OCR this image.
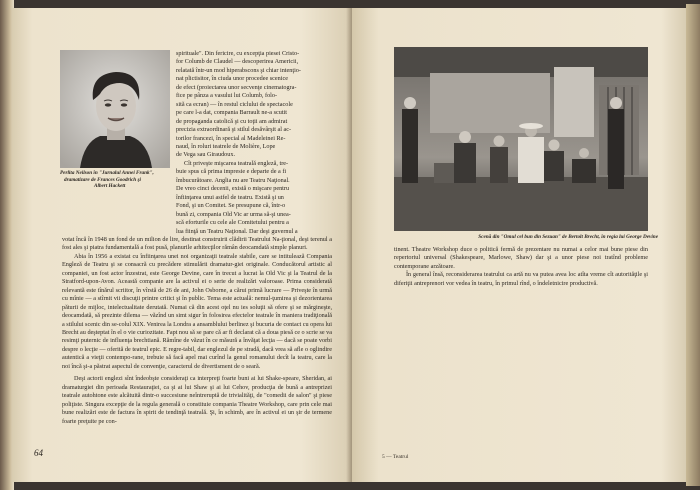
Perlita Neilson în "Jurnalul Annei Frank",
dramatizare de Frances Goodrich şi
Albert Hackett
spirituale". Din fericire, cu excepţia piesei Cristo-
for Columb de Claudel — descoperirea Americii,
relatată într-un mod hiperabscons şi chiar intenţio-
nat plictisitor, în ciuda unor procedee scenice
de efect (proiectarea unor secvenţe cinematogra-
fice pe pânza a vasului lui Columb, folo-
sită ca ecran) — în restul ciclului de spectacole
pe care l-a dat, compania Barrault ne-a scutit
de propaganda catolică şi cu toţii am admirat
precizia extraordinară şi stilul desăvârşit al ac-
torilor francezi, în special al Madeleinei Re-
naud, în roluri teatrele de Molière, Lope
de Vega sau Giraudoux.
Cît priveşte mişcarea teatrală engleză, tre-
buie spus că prima impresie e departe de a fi
îmbucurătoare. Anglia nu are Teatru Naţional.
De vreo cinci decenii, există o mişcare pentru
înfiinţarea unui astfel de teatru. Există şi un
Fond, şi un Comitet. Se presupune că, într-o
bună zi, compania Old Vic ar urma să-şi unea-
scă eforturile cu cele ale Comitetului pentru a
lua fiinţă un Teatru Naţional. Dar deşi guvernul a

votat încă în 1948 un fond de un milion de lire, destinat construirii clădirii Teatrului Na-ţional, deşi terenul a fost ales şi piatra fundamentală a fost pusă, planurile arhitecţilor rămân deocamdată simple planuri.

Abia în 1956 a existat cu înfiinţarea unei noi organizaţii teatrale stabile, care se intitulează Compania Engleză de Teatru şi se consacră cu precădere stimulării dramatur-giei originale. Conducătorul artistic al companiei, un fost actor înzestrat, este George Devine, care în trecut a lucrat la Old Vic şi la Teatrul de la Stratford-upon-Avon. Această companie are la activul ei o serie de realizări valoroase. Prima considerată relevantă este tînărul scriitor, în vîrstă de 26 de ani, John Osborne, a cărui primă lucrare — Priveşte în urmă cu mînie — a stîrnit vii discuţii printre critici şi în public. Tema este actuală: nemul-ţumirea şi dezorientarea păturii de mijloc, intelectualitate derutată. Numai că din acest oţel nu ies soluţii să ofere şi se mărgineşte, deocamdată, să prezinte dilema — văzînd un simt sigur în folosirea efectelor teatrale în maniera tradiţională a stilului scenic din se-colul XIX. Venirea la Londra a ansamblului berlinez şi bucuria de contact cu opera lui Brecht au deşteptat în el o vie curiozitate. Fapt nou să se pare că ar fi declarat că a doua piesă ce o scrie se va resimţi puternic de influenţa brechtiană. Rămîne de văzut în ce măsură a învăţat lecţia — dacă se poate vorbi despre o lecţie — oferită de teatrul epic. E regre-tabil, dar englezul de pe stradă, dacă vrea să afle o oglindire autentică a vieţii contempo-rane, trebuie să facă apel mai curînd la genul romanului decît la teatru, care la noi încă şi-a păstrat aspectul de convenţie, caracterul de divertisment de o seară.

Deşi actorii englezi sînt îndeobşte consideraţi ca interpreţi foarte buni ai lui Shake-speare, Sheridan, ai dramaturgiei din perioada Restauraţiei, ca şi ai lui Shaw şi ai lui Cehov, producţia de bună a antreprizei teatrale autohtone este alcătuită dintr-o succesiune neîntreruptă de trivialităţi, de "comedii de salon" şi piese poliţiste. Singura excepţie de la regula generală o constituie compania Theatre Workshop, care prin cele mai bune realizări este de factura în spirit de tendinţă teatrală. Şi, în schimb, are în activul ei un şir de termene foarte preţuite pe con-

64
Scenă din "Omul cel bun din Sezuan" de Bertolt Brecht, în regia lui George Devine

tinent. Theatre Workshop duce o politică fermă de prezentare nu numai a celor mai bune piese din repertoriul universal (Shakespeare, Marlowe, Shaw) dar şi a unor piese noi tratînd probleme contemporane arzătoare.

În general însă, reconsiderarea teatrului ca artă nu va putea avea loc atîta vreme cît autorităţile şi diferiţii antreprenori vor vedea în teatru, în primul rînd, o îndeletnicire productivă.

5 — Teatrul
